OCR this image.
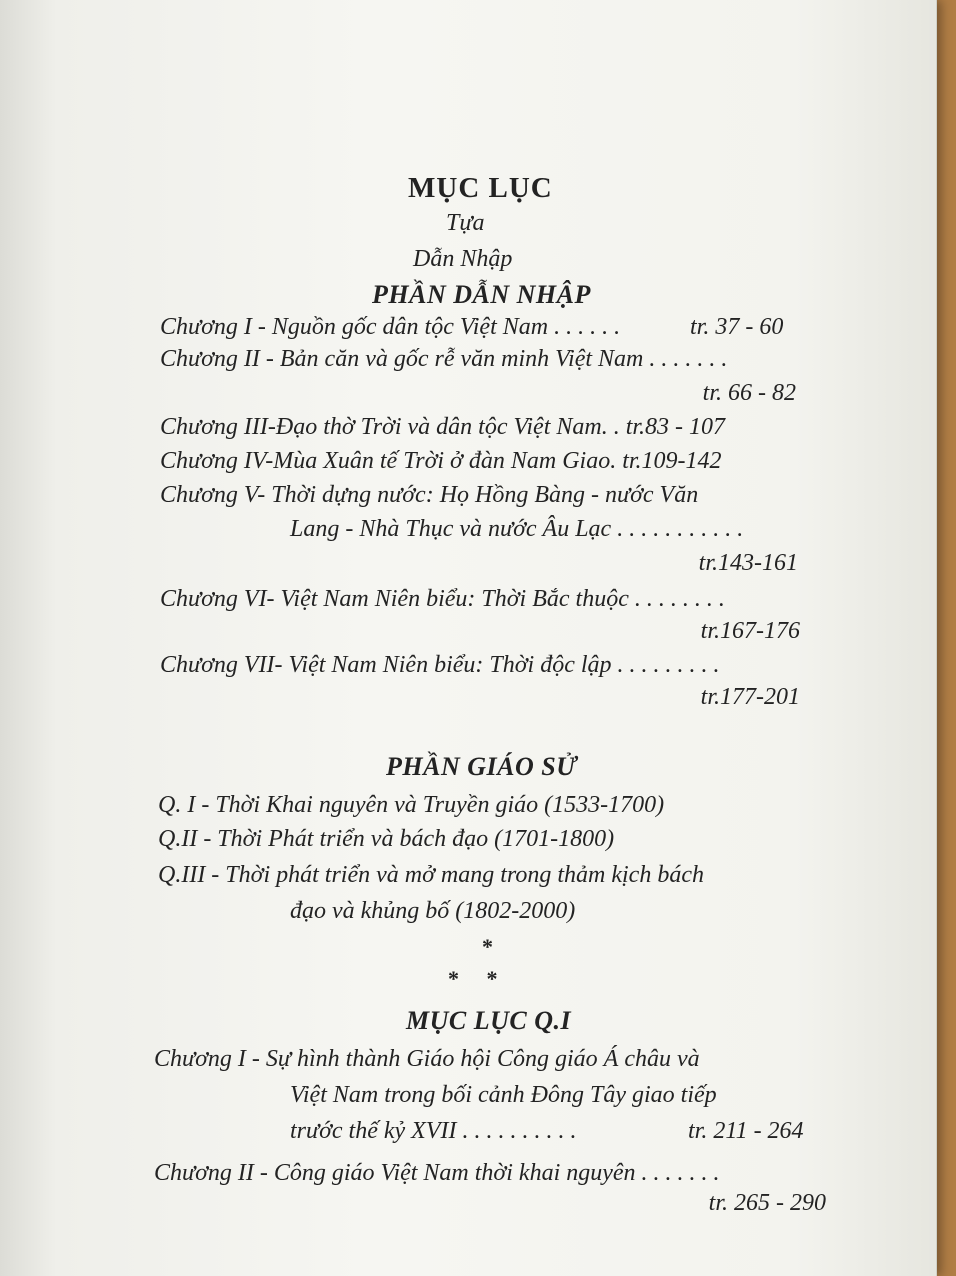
MỤC LỤC
Tựa
Dẫn Nhập
PHẦN DẪN NHẬP
Chương I - Nguồn gốc dân tộc Việt Nam . . . . . .	tr. 37 - 60
Chương II - Bản căn và gốc rễ văn minh Việt Nam . . . . . . .
tr. 66 - 82
Chương III-Đạo thờ Trời và dân tộc Việt Nam. . tr.83 - 107
Chương IV-Mùa Xuân tế Trời ở đàn Nam Giao. tr.109-142
Chương V- Thời dựng nước: Họ Hồng Bàng - nước Văn
Lang - Nhà Thục và nước Âu Lạc . . . . . . . . . . .
tr.143-161
Chương VI- Việt Nam Niên biểu: Thời Bắc thuộc . . . . . . . .
tr.167-176
Chương VII- Việt Nam Niên biểu: Thời độc lập . . . . . . . . .
tr.177-201
PHẦN GIÁO SỬ
Q. I - Thời Khai nguyên và Truyền giáo (1533-1700)
Q.II - Thời Phát triển và bách đạo (1701-1800)
Q.III - Thời phát triển và mở mang trong thảm kịch bách
đạo và khủng bố (1802-2000)
*
*     *
MỤC LỤC Q.I
Chương I - Sự hình thành Giáo hội Công giáo Á châu và
Việt Nam trong bối cảnh Đông Tây giao tiếp
trước thế kỷ XVII . . . . . . . . . .	tr. 211 - 264
Chương II - Công giáo Việt Nam thời khai nguyên . . . . . . .
tr. 265 - 290
